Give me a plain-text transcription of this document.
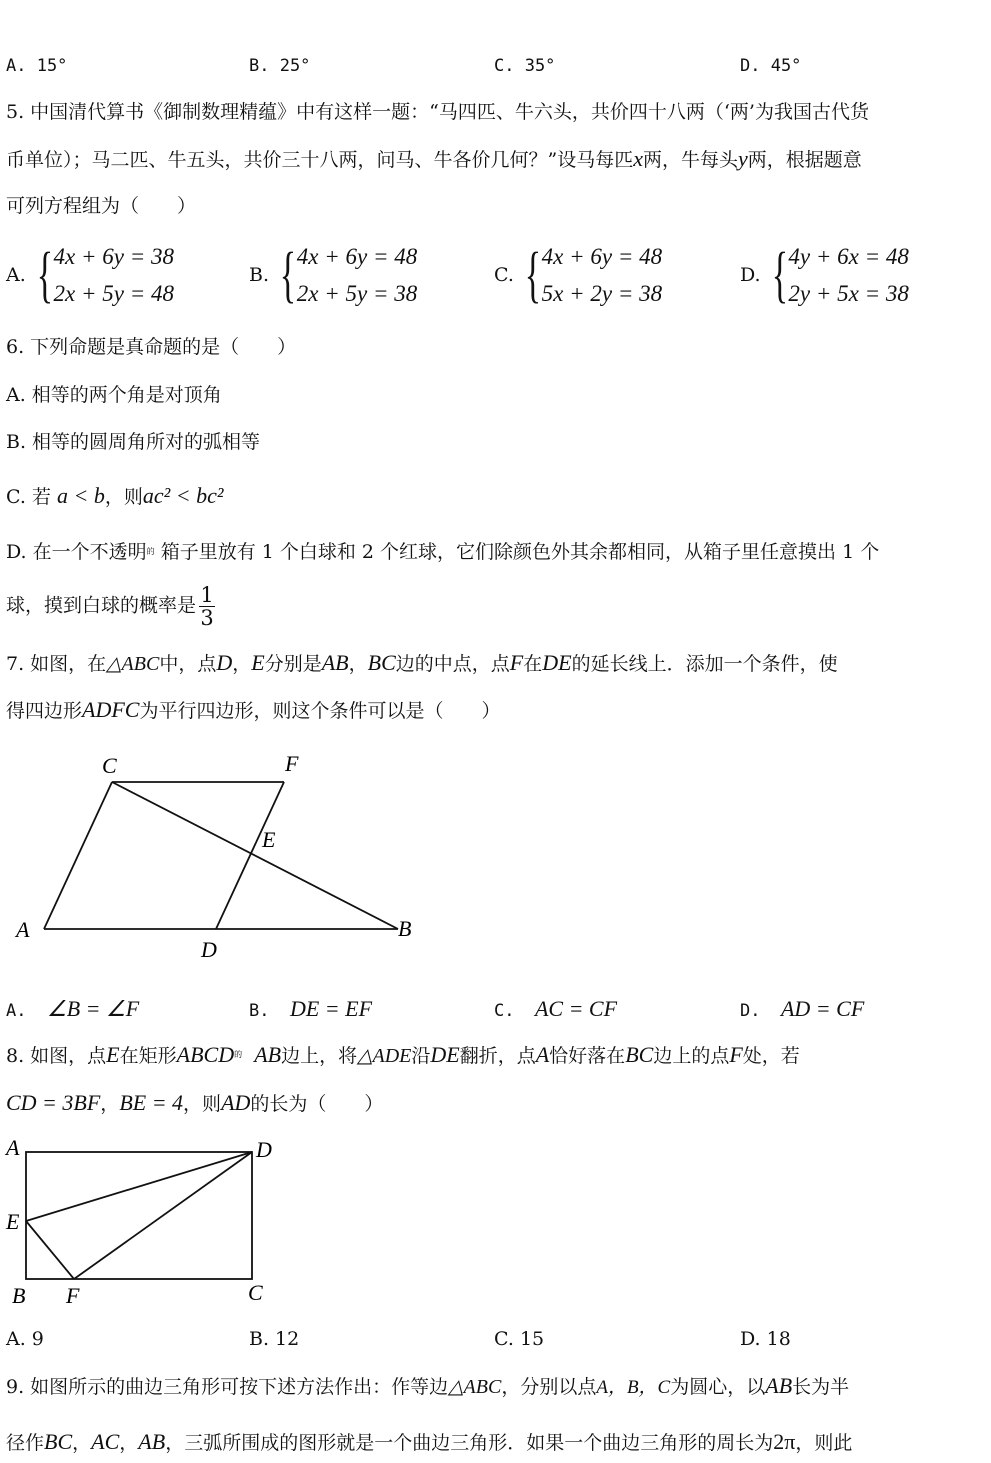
A. 15°	B. 25°	C. 35°	D. 45°
5. 中国清代算书《御制数理精蕴》中有这样一题：“马四匹、牛六头，共价四十八两（‘两’为我国古代货
币单位）；马二匹、牛五头，共价三十八两，问马、牛各价几何？”设马每匹x两，牛每头y两，根据题意
可列方程组为（　　）
A. { 4x + 6y = 38
2x + 5y = 48
B. { 4x + 6y = 48
2x + 5y = 38
C. { 4x + 6y = 48
5x + 2y = 38
D. { 4y + 6x = 48
2y + 5x = 38
6. 下列命题是真命题的是（　　）
A. 相等的两个角是对顶角
B. 相等的圆周角所对的弧相等
C. 若 a < b，则ac² < bc²
D. 在一个不透明$^的$ 箱子里放有 1 个白球和 2 个红球，它们除颜色外其余都相同，从箱子里任意摸出 1 个
球，摸到白球的概率是 $\frac{1}{3}$
7. 如图，在△ABC中，点D，E分别是AB，BC边的中点，点F在DE的延长线上．添加一个条件，使
得四边形ADFC为平行四边形，则这个条件可以是（　　）
C	F
E
A	B
D
A. ∠B = ∠F	B. DE = EF	C. AC = CF	D. AD = CF
8. 如图，点E在矩形$ABCD^的$ AB边上，将△ADE沿DE翻折，点A恰好落在BC边上的点F处，若
CD = 3BF，BE = 4，则AD的长为（　　）
A	D
E
B F	C
A. 9	B. 12	C. 15	D. 18
9. 如图所示的曲边三角形可按下述方法作出：作等边△ABC，分别以点A，B，C为圆心，以AB长为半
径作BC，AC，AB，三弧所围成的图形就是一个曲边三角形．如果一个曲边三角形的周长为2π，则此
